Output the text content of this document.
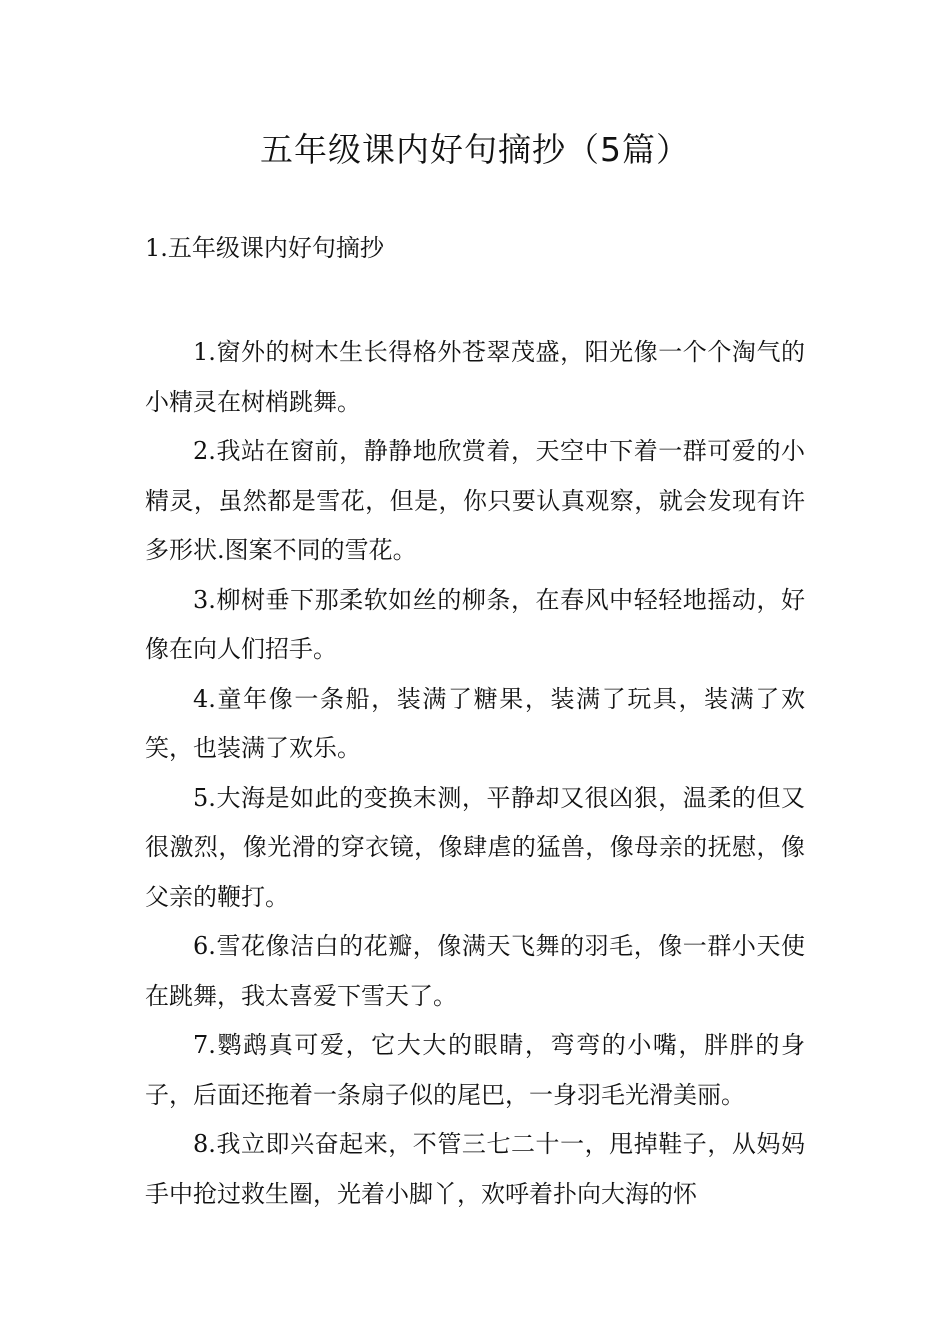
五年级课内好句摘抄（5篇）
1.五年级课内好句摘抄

1.窗外的树木生长得格外苍翠茂盛，阳光像一个个淘气的小精灵在树梢跳舞。

2.我站在窗前，静静地欣赏着，天空中下着一群可爱的小精灵，虽然都是雪花，但是，你只要认真观察，就会发现有许多形状.图案不同的雪花。

3.柳树垂下那柔软如丝的柳条，在春风中轻轻地摇动，好像在向人们招手。

4.童年像一条船，装满了糖果，装满了玩具，装满了欢笑，也装满了欢乐。

5.大海是如此的变换末测，平静却又很凶狠，温柔的但又很激烈，像光滑的穿衣镜，像肆虐的猛兽，像母亲的抚慰，像父亲的鞭打。

6.雪花像洁白的花瓣，像满天飞舞的羽毛，像一群小天使在跳舞，我太喜爱下雪天了。

7.鹦鹉真可爱，它大大的眼睛，弯弯的小嘴，胖胖的身子，后面还拖着一条扇子似的尾巴，一身羽毛光滑美丽。

8.我立即兴奋起来，不管三七二十一，甩掉鞋子，从妈妈手中抢过救生圈，光着小脚丫，欢呼着扑向大海的怀
